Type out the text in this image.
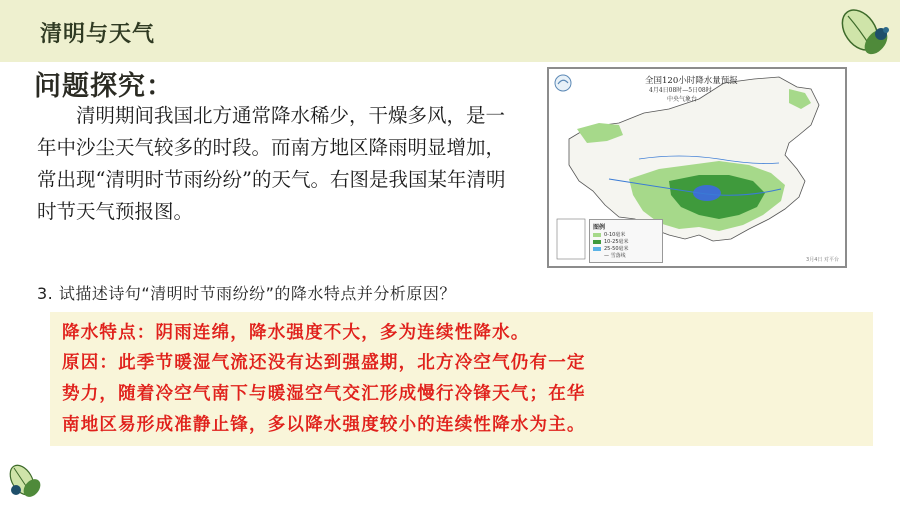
清明与天气
问题探究：
清明期间我国北方通常降水稀少，干燥多风，是一年中沙尘天气较多的时段。而南方地区降雨明显增加，常出现“清明时节雨纷纷”的天气。右图是我国某年清明时节天气预报图。
全国120小时降水量预报
4月4日08时—5日08时
中央气象台
图例
0-10毫米
10-25毫米
25-50毫米
— 雪落线
3月4日 对平台
3. 试描述诗句“清明时节雨纷纷”的降水特点并分析原因？
降水特点：阴雨连绵，降水强度不大，多为连续性降水。
原因：此季节暖湿气流还没有达到强盛期，北方冷空气仍有一定
势力，随着冷空气南下与暖湿空气交汇形成慢行冷锋天气；在华
南地区易形成准静止锋，多以降水强度较小的连续性降水为主。
